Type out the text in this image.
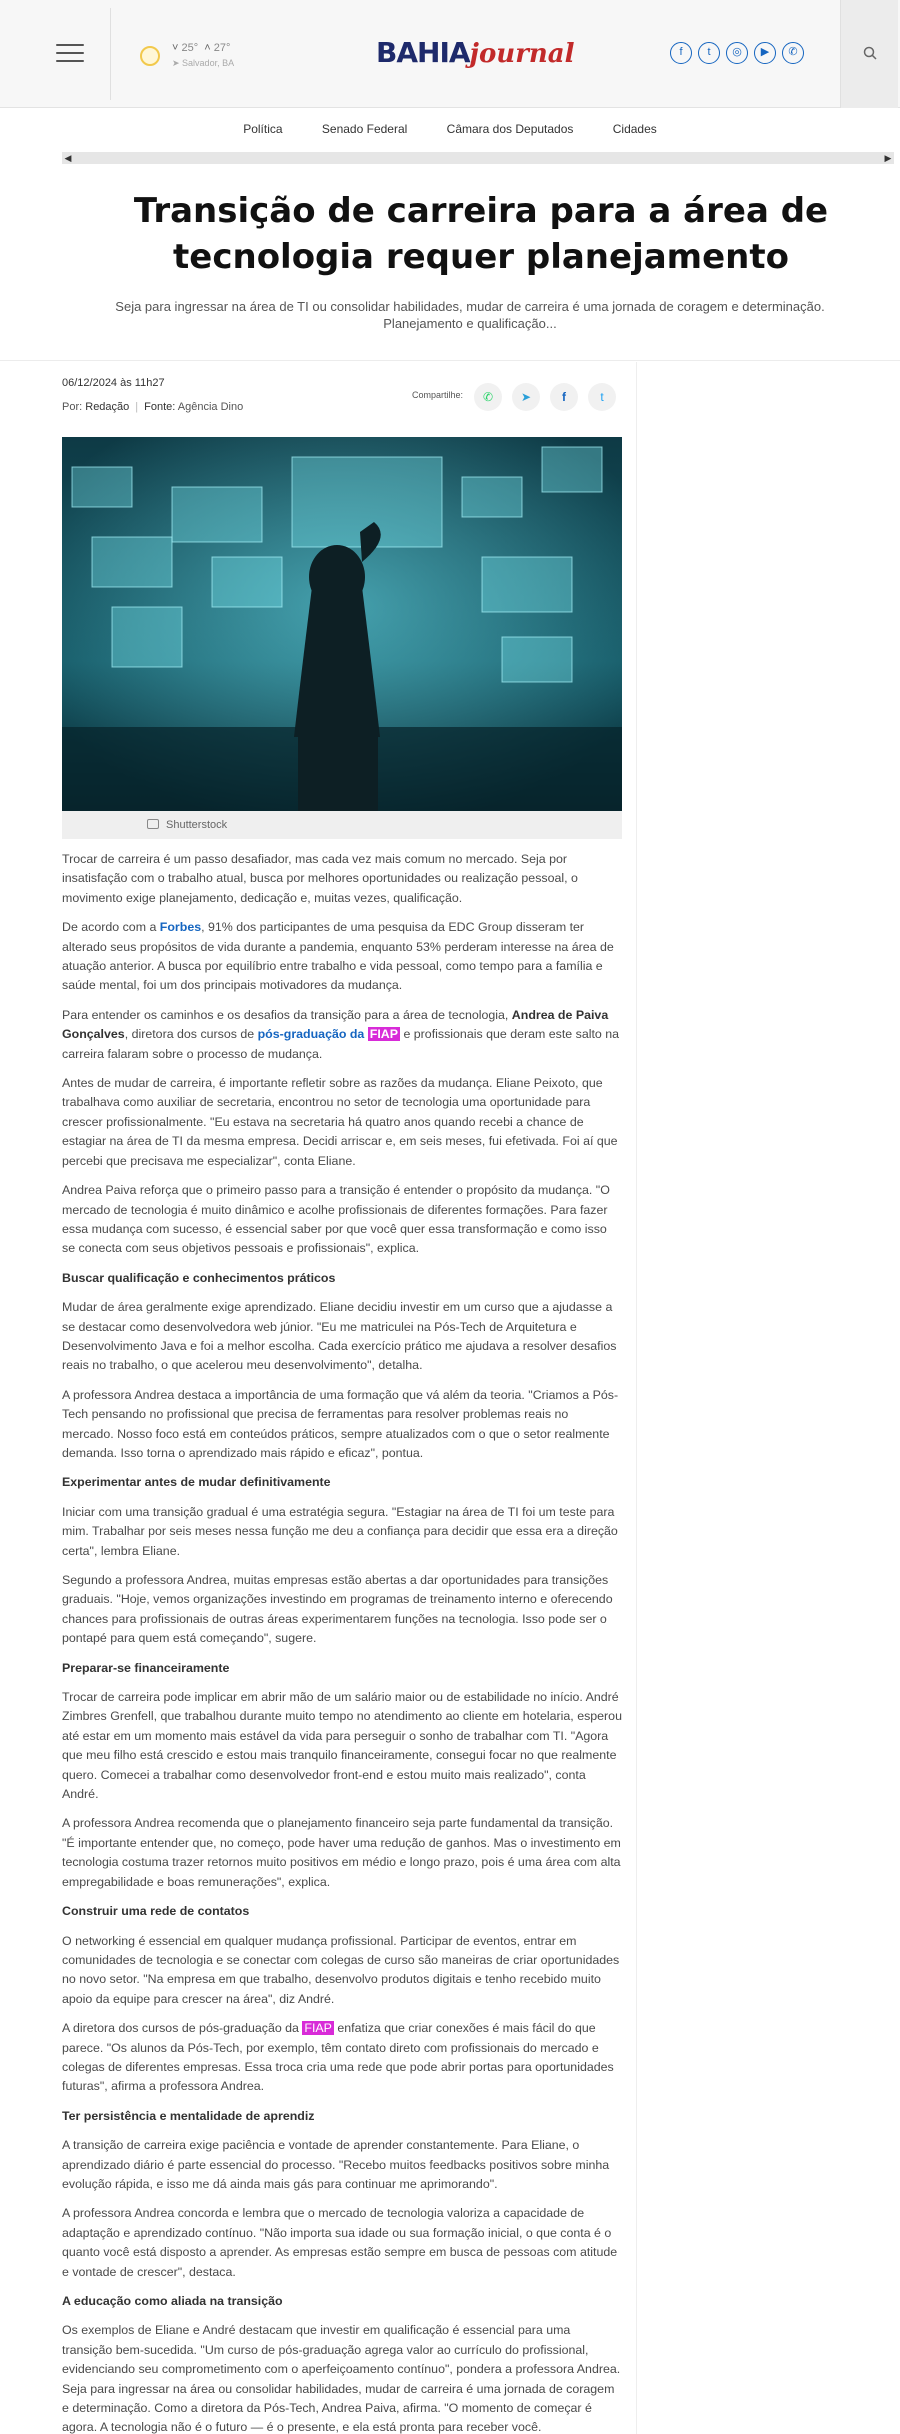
˅ 25°  ˄ 27°
➤ Salvador, BA	BAHIAjournal	f	t	◎	▶	✆
Política	Senado Federal	Câmara dos Deputados	Cidades
◀	▶
Transição de carreira para a área de tecnologia requer planejamento

Seja para ingressar na área de TI ou consolidar habilidades, mudar de carreira é uma jornada de coragem e determinação. Planejamento e qualificação...

06/12/2024 às 11h27
Por: Redação | Fonte: Agência Dino
Compartilhe:	✆	➤	f	t
Shutterstock

Trocar de carreira é um passo desafiador, mas cada vez mais comum no mercado. Seja por insatisfação com o trabalho atual, busca por melhores oportunidades ou realização pessoal, o movimento exige planejamento, dedicação e, muitas vezes, qualificação.

De acordo com a Forbes, 91% dos participantes de uma pesquisa da EDC Group disseram ter alterado seus propósitos de vida durante a pandemia, enquanto 53% perderam interesse na área de atuação anterior. A busca por equilíbrio entre trabalho e vida pessoal, como tempo para a família e saúde mental, foi um dos principais motivadores da mudança.

Para entender os caminhos e os desafios da transição para a área de tecnologia, Andrea de Paiva Gonçalves, diretora dos cursos de pós-graduação da FIAP e profissionais que deram este salto na carreira falaram sobre o processo de mudança.

Antes de mudar de carreira, é importante refletir sobre as razões da mudança. Eliane Peixoto, que trabalhava como auxiliar de secretaria, encontrou no setor de tecnologia uma oportunidade para crescer profissionalmente. "Eu estava na secretaria há quatro anos quando recebi a chance de estagiar na área de TI da mesma empresa. Decidi arriscar e, em seis meses, fui efetivada. Foi aí que percebi que precisava me especializar", conta Eliane.

Andrea Paiva reforça que o primeiro passo para a transição é entender o propósito da mudança. "O mercado de tecnologia é muito dinâmico e acolhe profissionais de diferentes formações. Para fazer essa mudança com sucesso, é essencial saber por que você quer essa transformação e como isso se conecta com seus objetivos pessoais e profissionais", explica.

Buscar qualificação e conhecimentos práticos

Mudar de área geralmente exige aprendizado. Eliane decidiu investir em um curso que a ajudasse a se destacar como desenvolvedora web júnior. "Eu me matriculei na Pós-Tech de Arquitetura e Desenvolvimento Java e foi a melhor escolha. Cada exercício prático me ajudava a resolver desafios reais no trabalho, o que acelerou meu desenvolvimento", detalha.

A professora Andrea destaca a importância de uma formação que vá além da teoria. "Criamos a Pós-Tech pensando no profissional que precisa de ferramentas para resolver problemas reais no mercado. Nosso foco está em conteúdos práticos, sempre atualizados com o que o setor realmente demanda. Isso torna o aprendizado mais rápido e eficaz", pontua.

Experimentar antes de mudar definitivamente

Iniciar com uma transição gradual é uma estratégia segura. "Estagiar na área de TI foi um teste para mim. Trabalhar por seis meses nessa função me deu a confiança para decidir que essa era a direção certa", lembra Eliane.

Segundo a professora Andrea, muitas empresas estão abertas a dar oportunidades para transições graduais. "Hoje, vemos organizações investindo em programas de treinamento interno e oferecendo chances para profissionais de outras áreas experimentarem funções na tecnologia. Isso pode ser o pontapé para quem está começando", sugere.

Preparar-se financeiramente

Trocar de carreira pode implicar em abrir mão de um salário maior ou de estabilidade no início. André Zimbres Grenfell, que trabalhou durante muito tempo no atendimento ao cliente em hotelaria, esperou até estar em um momento mais estável da vida para perseguir o sonho de trabalhar com TI. "Agora que meu filho está crescido e estou mais tranquilo financeiramente, consegui focar no que realmente quero. Comecei a trabalhar como desenvolvedor front-end e estou muito mais realizado", conta André.

A professora Andrea recomenda que o planejamento financeiro seja parte fundamental da transição. "É importante entender que, no começo, pode haver uma redução de ganhos. Mas o investimento em tecnologia costuma trazer retornos muito positivos em médio e longo prazo, pois é uma área com alta empregabilidade e boas remunerações", explica.

Construir uma rede de contatos

O networking é essencial em qualquer mudança profissional. Participar de eventos, entrar em comunidades de tecnologia e se conectar com colegas de curso são maneiras de criar oportunidades no novo setor. "Na empresa em que trabalho, desenvolvo produtos digitais e tenho recebido muito apoio da equipe para crescer na área", diz André.

A diretora dos cursos de pós-graduação da FIAP enfatiza que criar conexões é mais fácil do que parece. "Os alunos da Pós-Tech, por exemplo, têm contato direto com profissionais do mercado e colegas de diferentes empresas. Essa troca cria uma rede que pode abrir portas para oportunidades futuras", afirma a professora Andrea.

Ter persistência e mentalidade de aprendiz

A transição de carreira exige paciência e vontade de aprender constantemente. Para Eliane, o aprendizado diário é parte essencial do processo. "Recebo muitos feedbacks positivos sobre minha evolução rápida, e isso me dá ainda mais gás para continuar me aprimorando".

A professora Andrea concorda e lembra que o mercado de tecnologia valoriza a capacidade de adaptação e aprendizado contínuo. "Não importa sua idade ou sua formação inicial, o que conta é o quanto você está disposto a aprender. As empresas estão sempre em busca de pessoas com atitude e vontade de crescer", destaca.

A educação como aliada na transição

Os exemplos de Eliane e André destacam que investir em qualificação é essencial para uma transição bem-sucedida. "Um curso de pós-graduação agrega valor ao currículo do profissional, evidenciando seu comprometimento com o aperfeiçoamento contínuo", pondera a professora Andrea. Seja para ingressar na área ou consolidar habilidades, mudar de carreira é uma jornada de coragem e determinação. Como a diretora da Pós-Tech, Andrea Paiva, afirma. "O momento de começar é agora. A tecnologia não é o futuro — é o presente, e ela está pronta para receber você.
